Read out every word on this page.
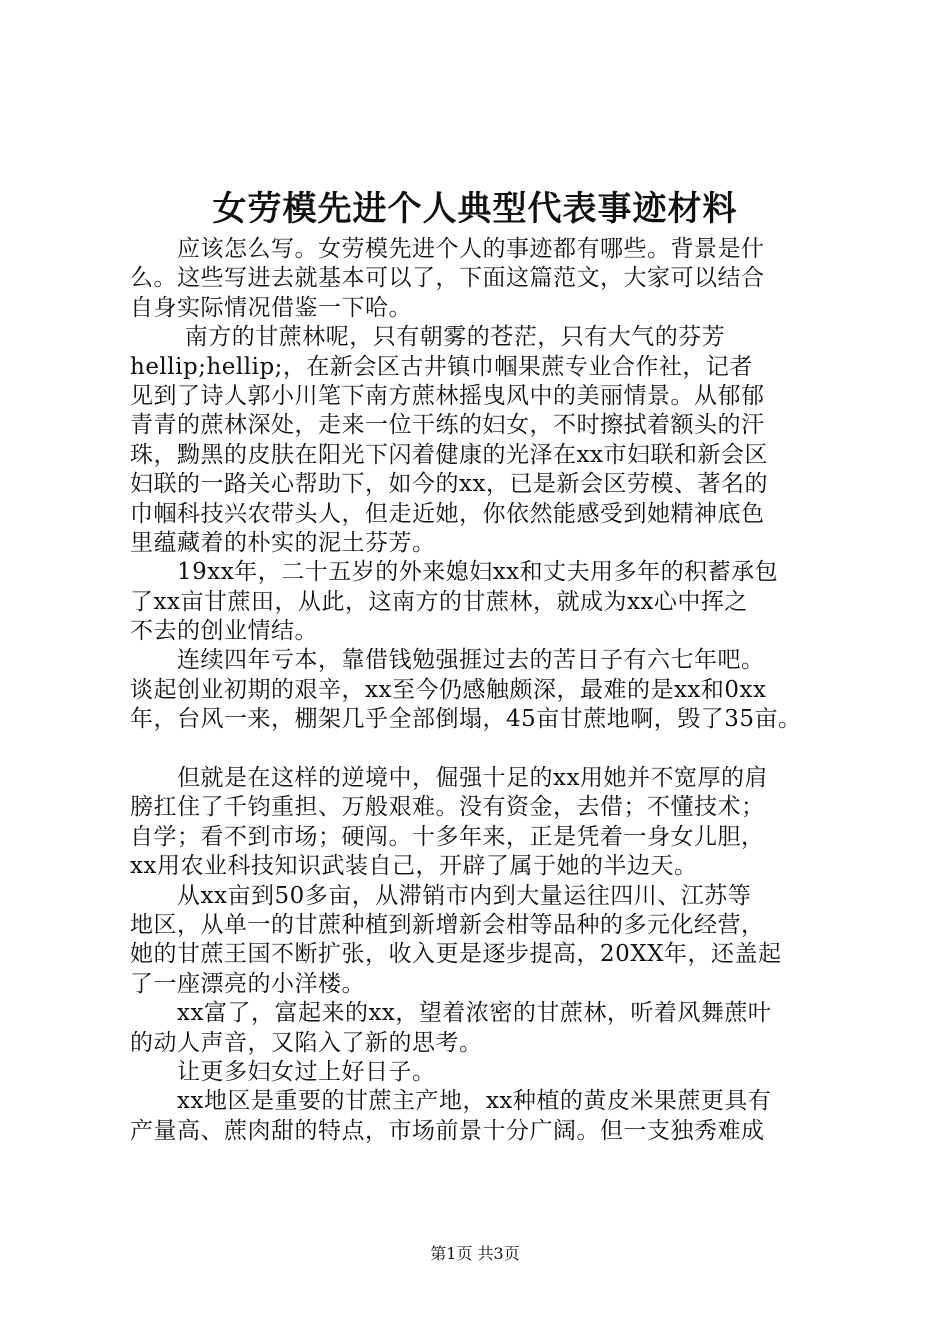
女劳模先进个人典型代表事迹材料
　　应该怎么写。女劳模先进个人的事迹都有哪些。背景是什
么。这些写进去就基本可以了，下面这篇范文，大家可以结合
自身实际情况借鉴一下哈。
　　 南方的甘蔗林呢，只有朝雾的苍茫，只有大气的芬芳
hellip;hellip;，在新会区古井镇巾帼果蔗专业合作社，记者
见到了诗人郭小川笔下南方蔗林摇曳风中的美丽情景。从郁郁
青青的蔗林深处，走来一位干练的妇女，不时擦拭着额头的汗
珠，黝黑的皮肤在阳光下闪着健康的光泽在xx市妇联和新会区
妇联的一路关心帮助下，如今的xx，已是新会区劳模、著名的
巾帼科技兴农带头人，但走近她，你依然能感受到她精神底色
里蕴藏着的朴实的泥土芬芳。
　　19xx年，二十五岁的外来媳妇xx和丈夫用多年的积蓄承包
了xx亩甘蔗田，从此，这南方的甘蔗林，就成为xx心中挥之
不去的创业情结。
　　连续四年亏本，靠借钱勉强捱过去的苦日子有六七年吧。
谈起创业初期的艰辛，xx至今仍感触颇深，最难的是xx和0xx
年，台风一来，棚架几乎全部倒塌，45亩甘蔗地啊，毁了35亩。
　　但就是在这样的逆境中，倔强十足的xx用她并不宽厚的肩
膀扛住了千钧重担、万般艰难。没有资金，去借；不懂技术；
自学；看不到市场；硬闯。十多年来，正是凭着一身女儿胆，
xx用农业科技知识武装自己，开辟了属于她的半边天。
　　从xx亩到50多亩，从滞销市内到大量运往四川、江苏等
地区，从单一的甘蔗种植到新增新会柑等品种的多元化经营，
她的甘蔗王国不断扩张，收入更是逐步提高，20XX年，还盖起
了一座漂亮的小洋楼。
　　xx富了，富起来的xx，望着浓密的甘蔗林，听着风舞蔗叶
的动人声音，又陷入了新的思考。
　　让更多妇女过上好日子。
　　xx地区是重要的甘蔗主产地，xx种植的黄皮米果蔗更具有
产量高、蔗肉甜的特点，市场前景十分广阔。但一支独秀难成
第1页 共3页
